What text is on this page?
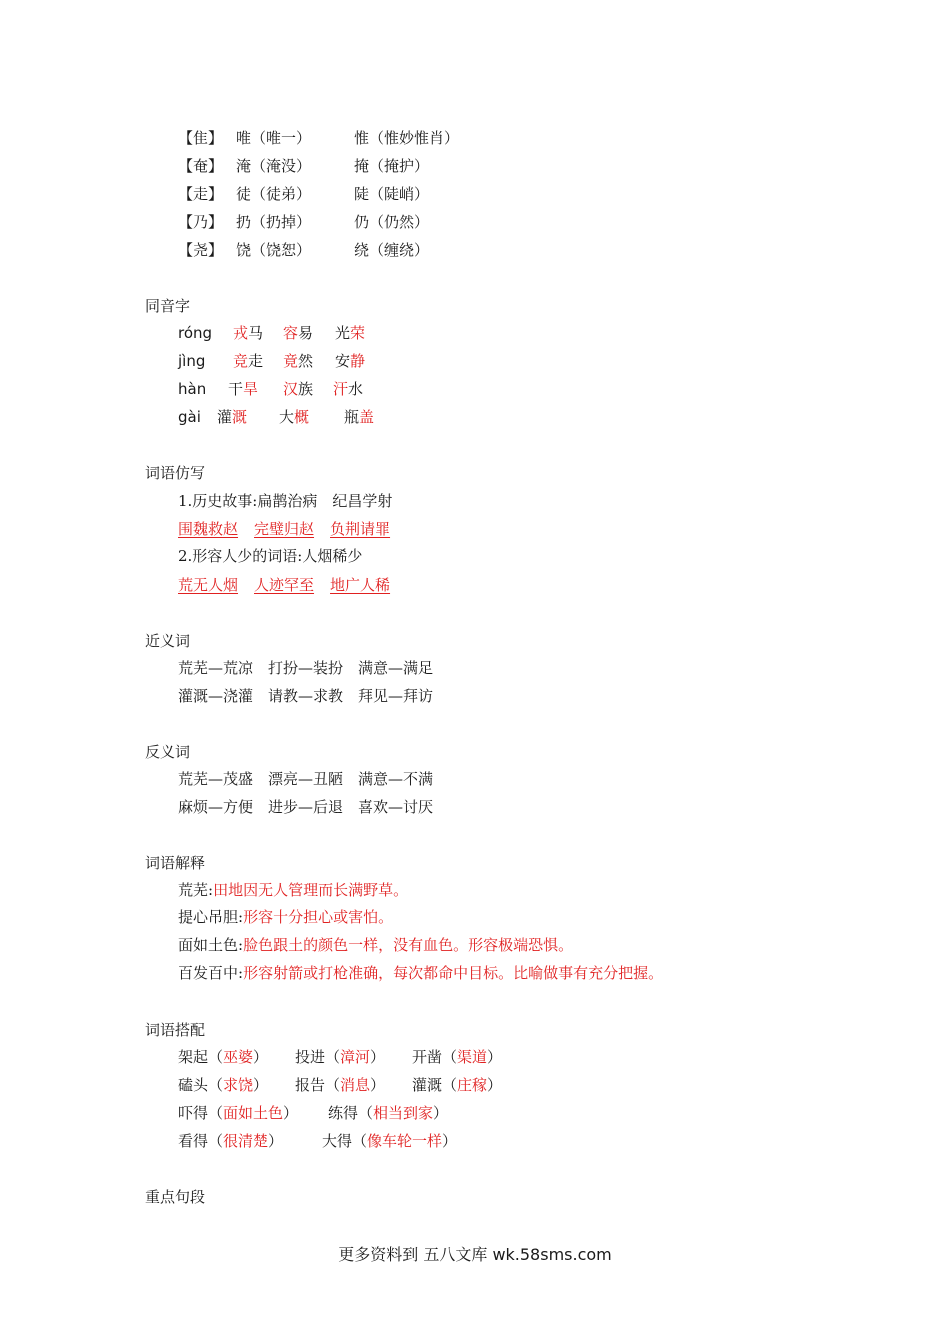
【隹】 唯（唯一）	惟（惟妙惟肖）
【奄】 淹（淹没）	掩（掩护）
【走】 徒（徒弟）	陡（陡峭）
【乃】 扔（扔掉）	仍（仍然）
【尧】 饶（饶恕）	绕（缠绕）
同音字
róng 戎马 容易 光荣
jìng 竞走 竟然 安静
hàn 干旱 汉族 汗水
gài 灌溉 大概 瓶盖
词语仿写
1.历史故事:扁鹊治病　纪昌学射
围魏救赵 完璧归赵 负荆请罪
2.形容人少的词语:人烟稀少
荒无人烟 人迹罕至 地广人稀
近义词
荒芜—荒凉　打扮—装扮　满意—满足
灌溉—浇灌　请教—求教　拜见—拜访
反义词
荒芜—茂盛　漂亮—丑陋　满意—不满
麻烦—方便　进步—后退　喜欢—讨厌
词语解释
荒芜:田地因无人管理而长满野草。
提心吊胆:形容十分担心或害怕。
面如土色:脸色跟土的颜色一样，没有血色。形容极端恐惧。
百发百中:形容射箭或打枪准确，每次都命中目标。比喻做事有充分把握。
词语搭配
架起（巫婆） 投进（漳河） 开凿（渠道）
磕头（求饶） 报告（消息） 灌溉（庄稼）
吓得（面如土色） 练得（相当到家）
看得（很清楚）	大得（像车轮一样）
重点句段
更多资料到 五八文库 wk.58sms.com
